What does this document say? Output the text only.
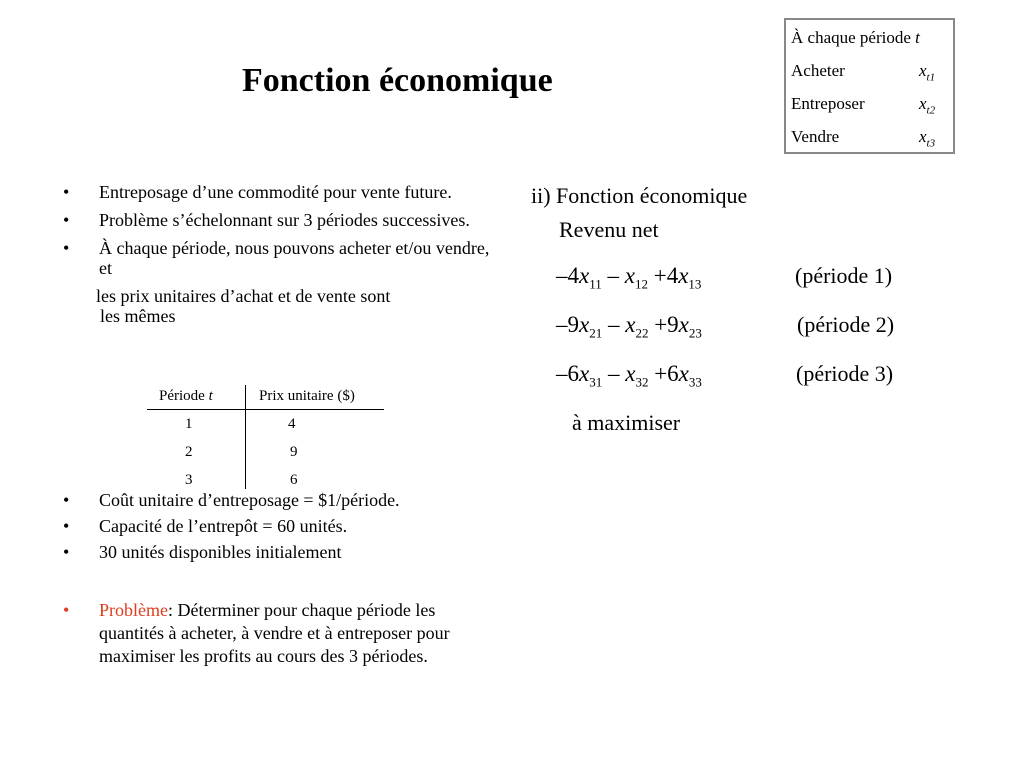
Fonction économique
À chaque période t
Acheter	$x_{t1}$
Entreposer	$x_{t2}$
Vendre	$x_{t3}$
• Entreposage d’une commodité pour vente future.
• Problème s’échelonnant sur 3 périodes successives.
• À chaque période, nous pouvons acheter et/ou vendre, et
les prix unitaires d’achat et de vente sont
les mêmes
Période t	Prix unitaire ($)
1	4
2	9
3	6
• Coût unitaire d’entreposage = $1/période.
• Capacité de l’entrepôt = 60 unités.
• 30 unités disponibles initialement
• Problème: Déterminer pour chaque période les quantités à acheter, à vendre et à entreposer pour maximiser les profits au cours des 3 périodes.
ii) Fonction économique
Revenu net
$-4x_{11} - x_{12} +4x_{13}$	(période 1)
$-9x_{21} - x_{22} +9x_{23}$	(période 2)
$-6x_{31} - x_{32} +6x_{33}$	(période 3)
à maximiser
